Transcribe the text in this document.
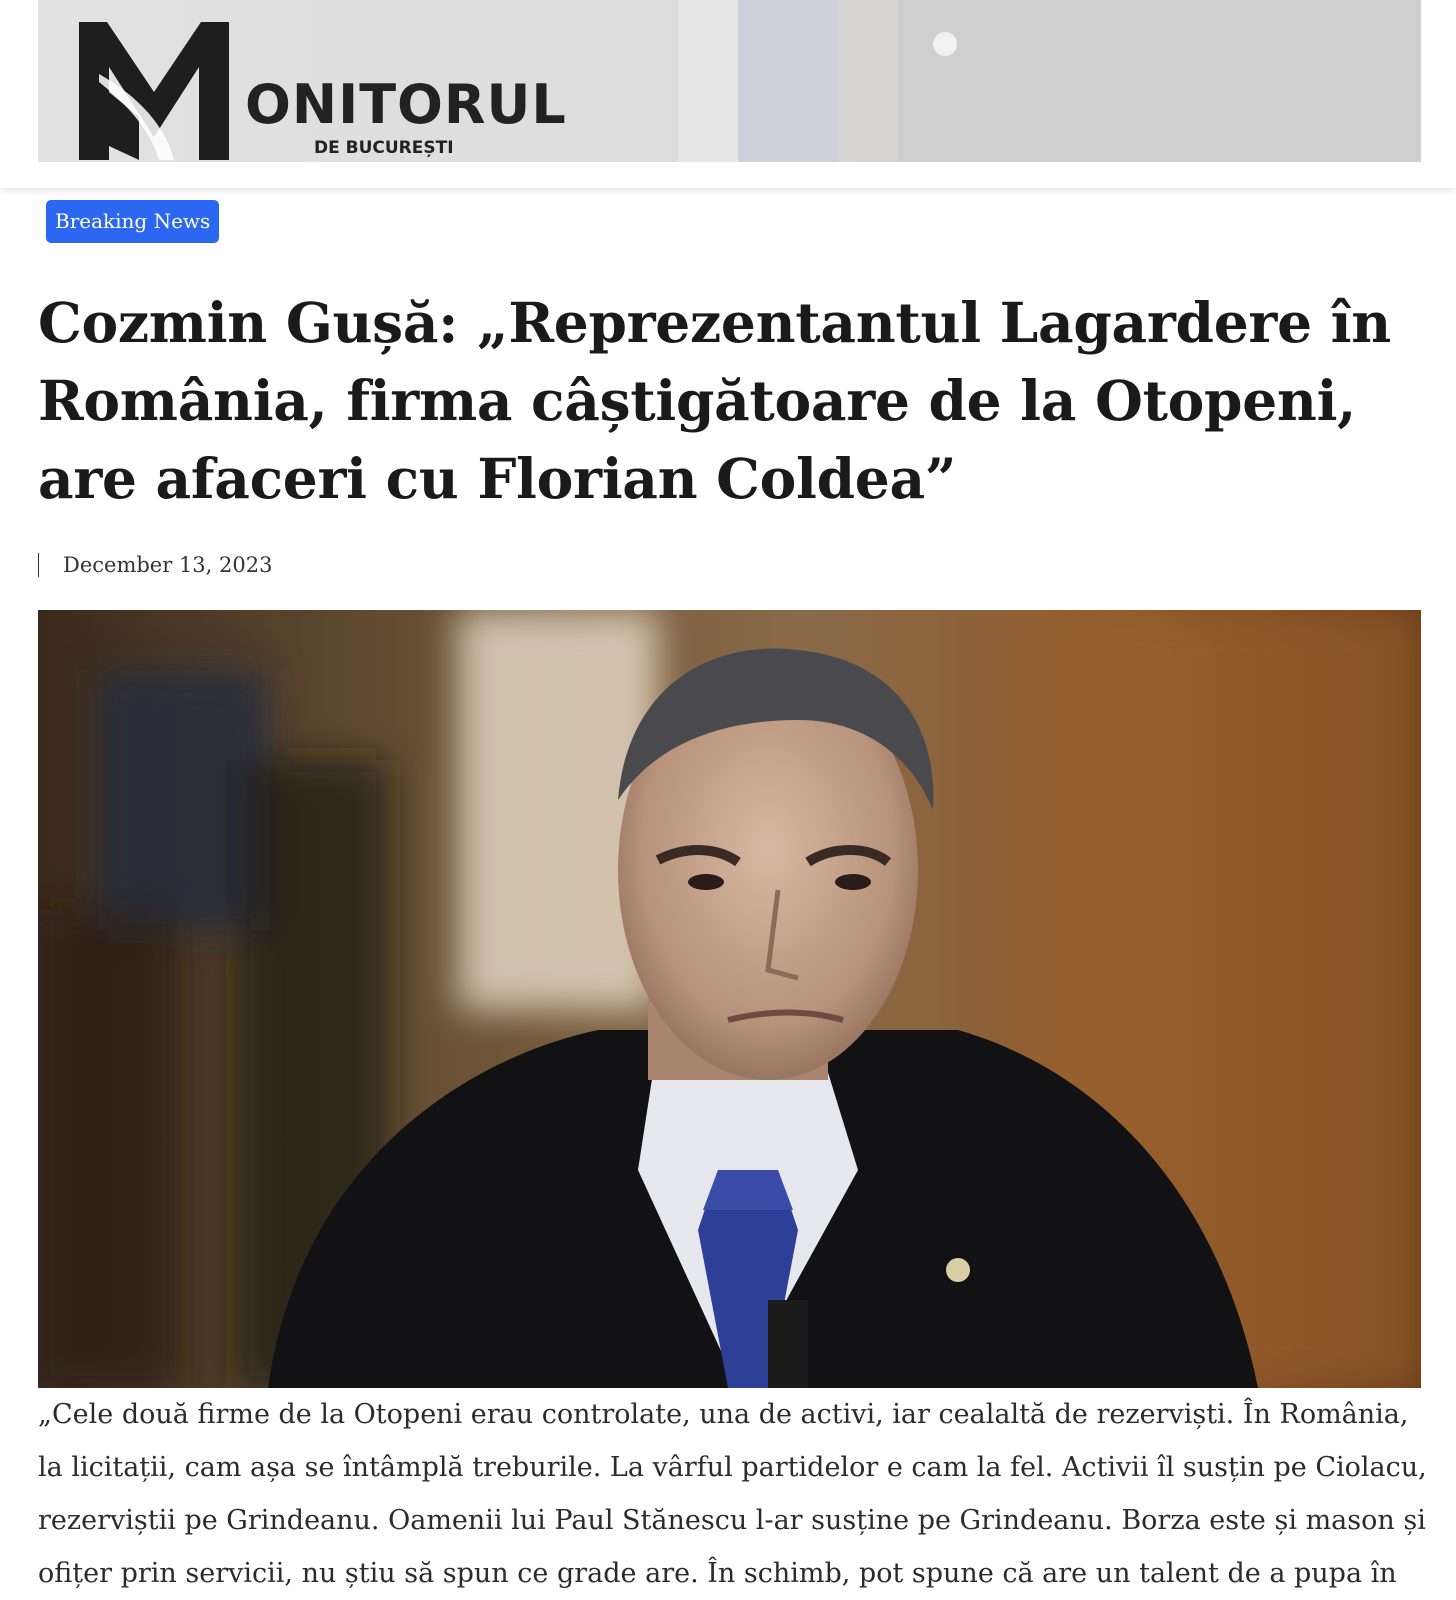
ONITORUL
DE BUCUREȘTI
Breaking News
Cozmin Gușă: „Reprezentantul Lagardere în România, firma câștigătoare de la Otopeni, are afaceri cu Florian Coldea”
December 13, 2023

„Cele două firme de la Otopeni erau controlate, una de activi, iar cealaltă de rezerviști. În România, la licitații, cam așa se întâmplă treburile. La vârful partidelor e cam la fel. Activii îl susțin pe Ciolacu, rezerviștii pe Grindeanu. Oamenii lui Paul Stănescu l-ar susține pe Grindeanu. Borza este și mason și ofițer prin servicii, nu știu să spun ce grade are. În schimb, pot spune că are un talent de a pupa în
